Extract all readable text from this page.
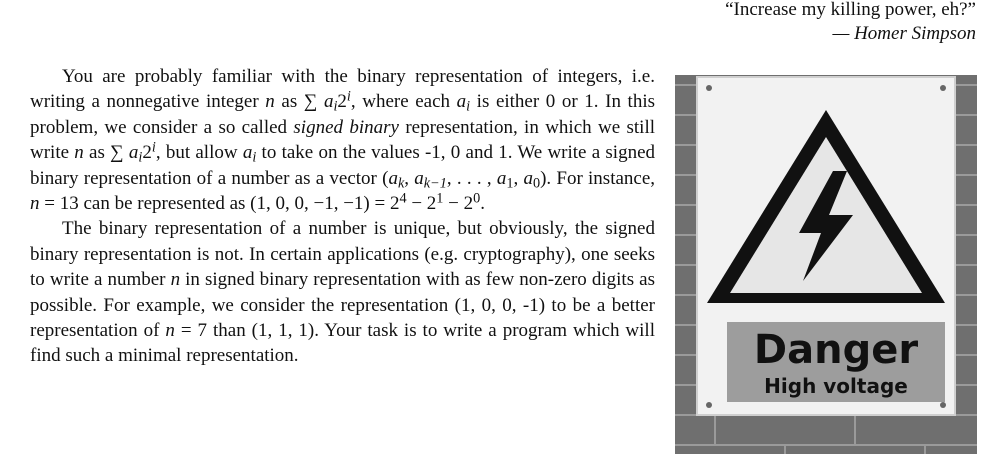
“Increase my killing power, eh?”
— Homer Simpson

You are probably familiar with the binary representation of integers, i.e. writing a nonnegative integer n as ∑ $a_i2^i$, where each $a_i$ is either 0 or 1. In this problem, we consider a so called signed binary representation, in which we still write n as ∑ $a_i2^i$, but allow $a_i$ to take on the values -1, 0 and 1. We write a signed binary representation of a number as a vector ($a_k$, $a_{k-1}$, . . . , $a_1$, $a_0$). For instance, n = 13 can be represented as (1, 0, 0, −1, $-1) = 2^4 - 2^1 - 2^0$.

The binary representation of a number is unique, but obviously, the signed binary representation is not. In certain applications (e.g. cryptography), one seeks to write a number n in signed binary representation with as few non-zero digits as possible. For example, we consider the representation (1, 0, 0, -1) to be a better representation of n = 7 than (1, 1, 1). Your task is to write a program which will find such a minimal representation.	Danger
High voltage
